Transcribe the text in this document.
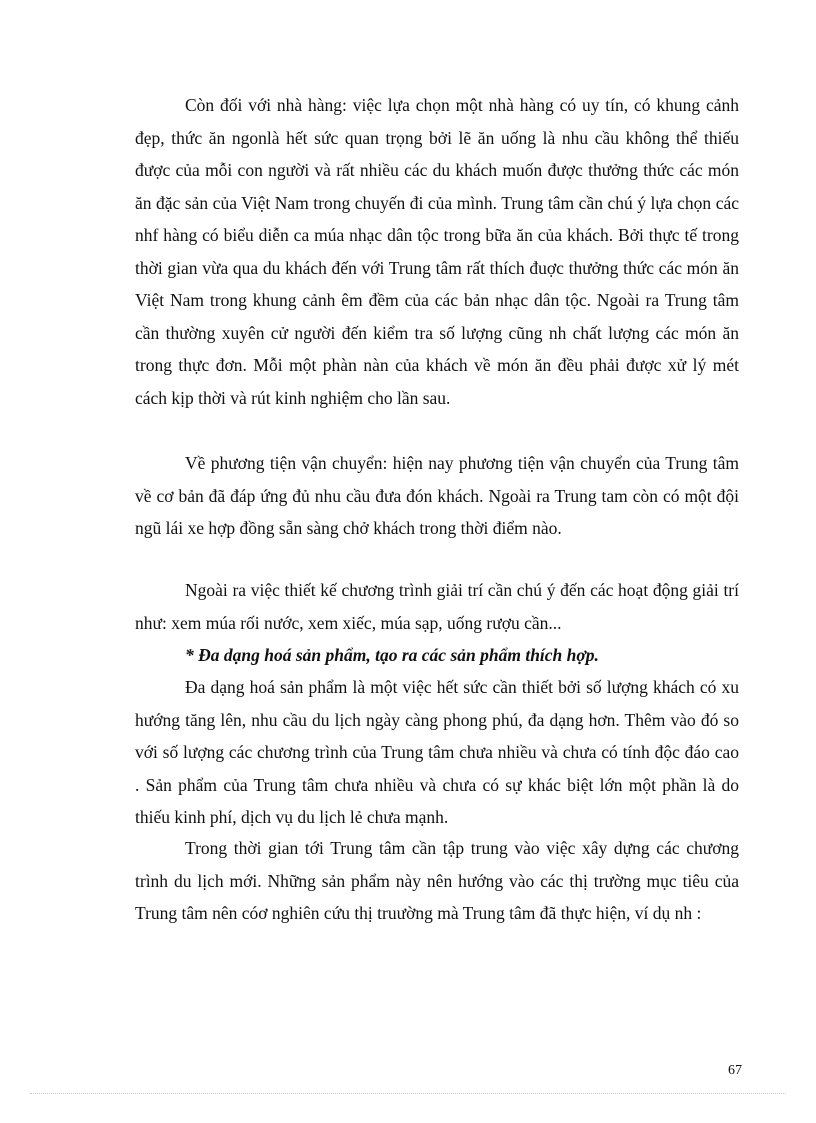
Còn đối với nhà hàng: việc lựa chọn một nhà hàng có uy tín, có khung cảnh đẹp, thức ăn ngonlà hết sức quan trọng bởi lẽ ăn uống là nhu cầu không thể thiếu được của mỗi con người và rất nhiều các du khách muốn được thưởng thức các món ăn đặc sản của Việt Nam trong chuyến đi của mình. Trung tâm cần chú ý lựa chọn các nhf hàng có biểu diễn ca múa nhạc dân tộc trong bữa ăn của khách. Bởi thực tế trong thời gian vừa qua du khách đến với Trung tâm rất thích đuợc thưởng thức các món ăn Việt Nam trong khung cảnh êm đềm của các bản nhạc dân tộc. Ngoài ra Trung tâm cần thường xuyên cử người đến kiểm tra số lượng cũng nh chất lượng các món ăn trong thực đơn. Mỗi một phàn nàn của khách về món ăn đều phải được xử lý mét cách kịp thời và rút kinh nghiệm cho lần sau.

Về phương tiện vận chuyển: hiện nay phương tiện vận chuyển của Trung tâm về cơ bản đã đáp ứng đủ nhu cầu đưa đón khách. Ngoài ra Trung tam còn có một đội ngũ lái xe hợp đồng sẵn sàng chở khách trong thời điểm nào.

Ngoài ra việc thiết kế chương trình giải trí cần chú ý đến các hoạt động giải trí như: xem múa rối nước, xem xiếc, múa sạp, uống rượu cần...

* Đa dạng hoá sản phẩm, tạo ra các sản phẩm thích hợp.

Đa dạng hoá sản phẩm là một việc hết sức cần thiết bởi số lượng khách có xu hướng tăng lên, nhu cầu du lịch ngày càng phong phú, đa dạng hơn. Thêm vào đó so với số lượng các chương trình của Trung tâm chưa nhiều và chưa có tính độc đáo cao . Sản phẩm của Trung tâm chưa nhiều và chưa có sự khác biệt lớn một phần là do thiếu kinh phí, dịch vụ du lịch lẻ chưa mạnh.

Trong thời gian tới Trung tâm cần tập trung vào việc xây dựng các chương trình du lịch mới. Những sản phẩm này nên hướng vào các thị trường mục tiêu của Trung tâm nên cóơ nghiên cứu thị truường mà Trung tâm đã thực hiện, ví dụ nh :

67
